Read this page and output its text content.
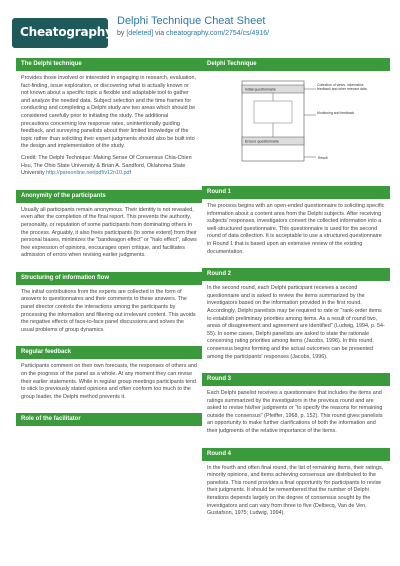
Cheatography
Delphi Technique Cheat Sheet
by [deleted] via cheatography.com/2754/cs/4916/
The Delphi technique

Provides those involved or interested in engaging in research, evaluation, fact-finding, issue exploration, or discovering what is actually known or not known about a specific topic a flexible and adaptable tool to gather and analyze the needed data. Subject selection and the time frames for conducting and completing a Delphi study are two areas which should be considered carefully prior to initiating the study. The additional precautions concerning low response rates, unintentionally guiding feedback, and surveying panelists about their limited knowledge of the topic rather than soliciting their expert judgments should also be built into the design and implementation of the study.

Credit: The Delphi Technique: Making Sense Of Consensus Chia-Chien Hsu, The Ohio State University & Brian A. Sandford, Oklahoma State University http://pareonline.net/pdf/v12n10.pdf

Anonymity of the participants

Usually all participants remain anonymous. Their identity is not revealed, even after the completion of the final report. This prevents the authority, personality, or reputation of some participants from dominating others in the process. Arguably, it also frees participants (to some extent) from their personal biases, minimizes the "bandwagon effect" or "halo effect", allows free expression of opinions, encourages open critique, and facilitates admission of errors when revising earlier judgments.

Structuring of information flow

The initial contributions from the experts are collected in the form of answers to questionnaires and their comments to these answers. The panel director controls the interactions among the participants by processing the information and filtering out irrelevant content. This avoids the negative effects of face-to-face panel discussions and solves the usual problems of group dynamics.

Regular feedback

Participants comment on their own forecasts, the responses of others and on the progress of the panel as a whole. At any moment they can revise their earlier statements. While in regular group meetings participants tend to stick to previously stated opinions and often conform too much to the group leader, the Delphi method prevents it.

Role of the facilitator
Delphi Technique
Initial questionnaire
Ensure questionnaire
Collection of views, informative feedback and other relevant data
Monitoring and feedback
Result
Round 1

The process begins with an open-ended questionnaire to soliciting specific information about a content area from the Delphi subjects. After receiving subjects' responses, investigators convert the collected information into a well-structured questionnaire. This questionnaire is used for the second round of data collection. It is acceptable to use a structured questionnaire in Round 1 that is based upon an extensive review of the existing documentation.

Round 2

In the second round, each Delphi participant receives a second questionnaire and is asked to review the items summarized by the investigators based on the information provided in the first round. Accordingly, Delphi panelists may be required to rate or "rank-order items to establish preliminary priorities among items. As a result of round two, areas of disagreement and agreement are identified" (Ludwig, 1994, p. 54-55). In some cases, Delphi panelists are asked to state the rationale concerning rating priorities among items (Jacobs, 1996). In this round, consensus begins forming and the actual outcomes can be presented among the participants' responses (Jacobs, 1996).

Round 3

Each Delphi panelist receives a questionnaire that includes the items and ratings summarized by the investigators in the previous round and are asked to revise his/her judgments or "to specify the reasons for remaining outside the consensus" (Pfeiffer, 1968, p. 152). This round gives panelists an opportunity to make further clarifications of both the information and their judgments of the relative importance of the items.

Round 4

In the fourth and often final round, the list of remaining items, their ratings, minority opinions, and items achieving consensus are distributed to the panelists. This round provides a final opportunity for participants to revise their judgments. It should be remembered that the number of Delphi iterations depends largely on the degree of consensus sought by the investigators and can vary from three to five (Delbecq, Van de Ven, Gustafson, 1975; Ludwig, 1994).
